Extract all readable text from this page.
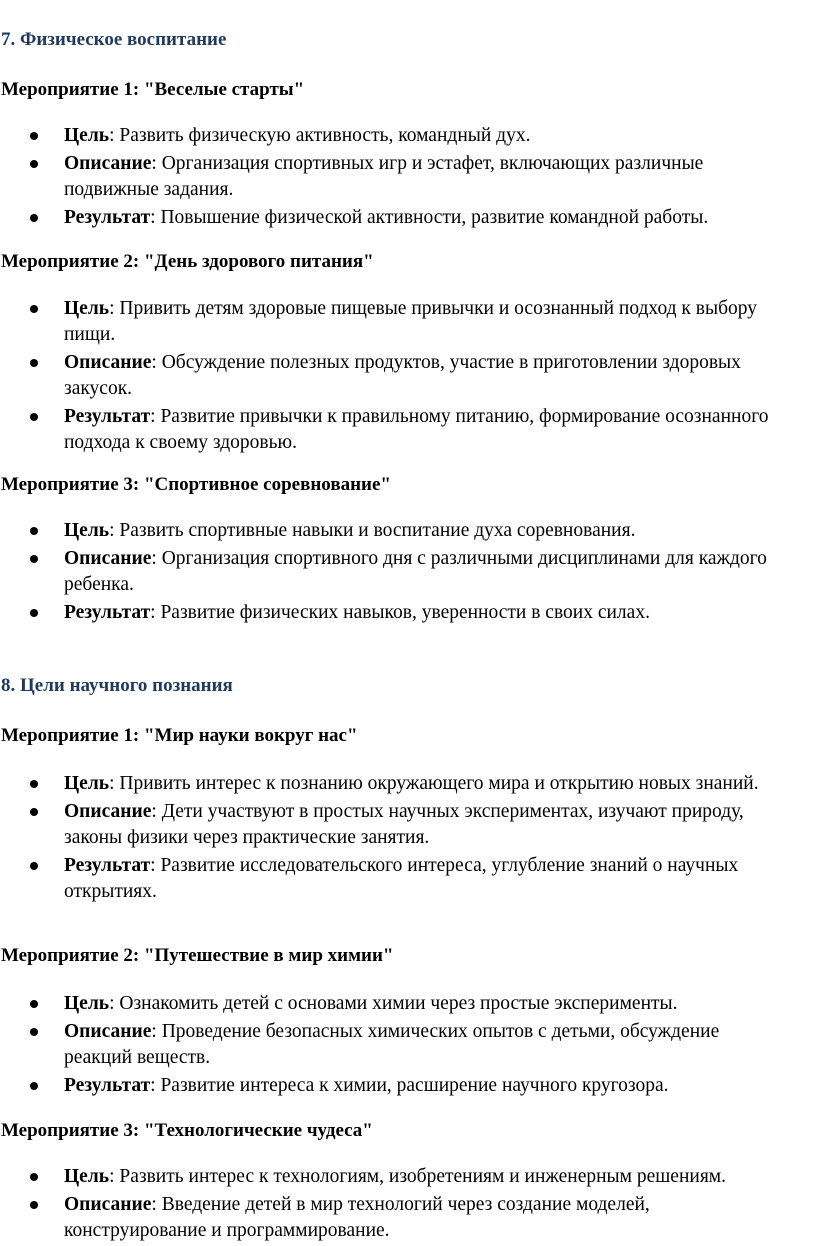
7. Физическое воспитание
Мероприятие 1: "Веселые старты"
Цель: Развить физическую активность, командный дух.
Описание: Организация спортивных игр и эстафет, включающих различные подвижные задания.
Результат: Повышение физической активности, развитие командной работы.
Мероприятие 2: "День здорового питания"
Цель: Привить детям здоровые пищевые привычки и осознанный подход к выбору пищи.
Описание: Обсуждение полезных продуктов, участие в приготовлении здоровых закусок.
Результат: Развитие привычки к правильному питанию, формирование осознанного подхода к своему здоровью.
Мероприятие 3: "Спортивное соревнование"
Цель: Развить спортивные навыки и воспитание духа соревнования.
Описание: Организация спортивного дня с различными дисциплинами для каждого ребенка.
Результат: Развитие физических навыков, уверенности в своих силах.
8. Цели научного познания
Мероприятие 1: "Мир науки вокруг нас"
Цель: Привить интерес к познанию окружающего мира и открытию новых знаний.
Описание: Дети участвуют в простых научных экспериментах, изучают природу, законы физики через практические занятия.
Результат: Развитие исследовательского интереса, углубление знаний о научных открытиях.
Мероприятие 2: "Путешествие в мир химии"
Цель: Ознакомить детей с основами химии через простые эксперименты.
Описание: Проведение безопасных химических опытов с детьми, обсуждение реакций веществ.
Результат: Развитие интереса к химии, расширение научного кругозора.
Мероприятие 3: "Технологические чудеса"
Цель: Развить интерес к технологиям, изобретениям и инженерным решениям.
Описание: Введение детей в мир технологий через создание моделей, конструирование и программирование.
